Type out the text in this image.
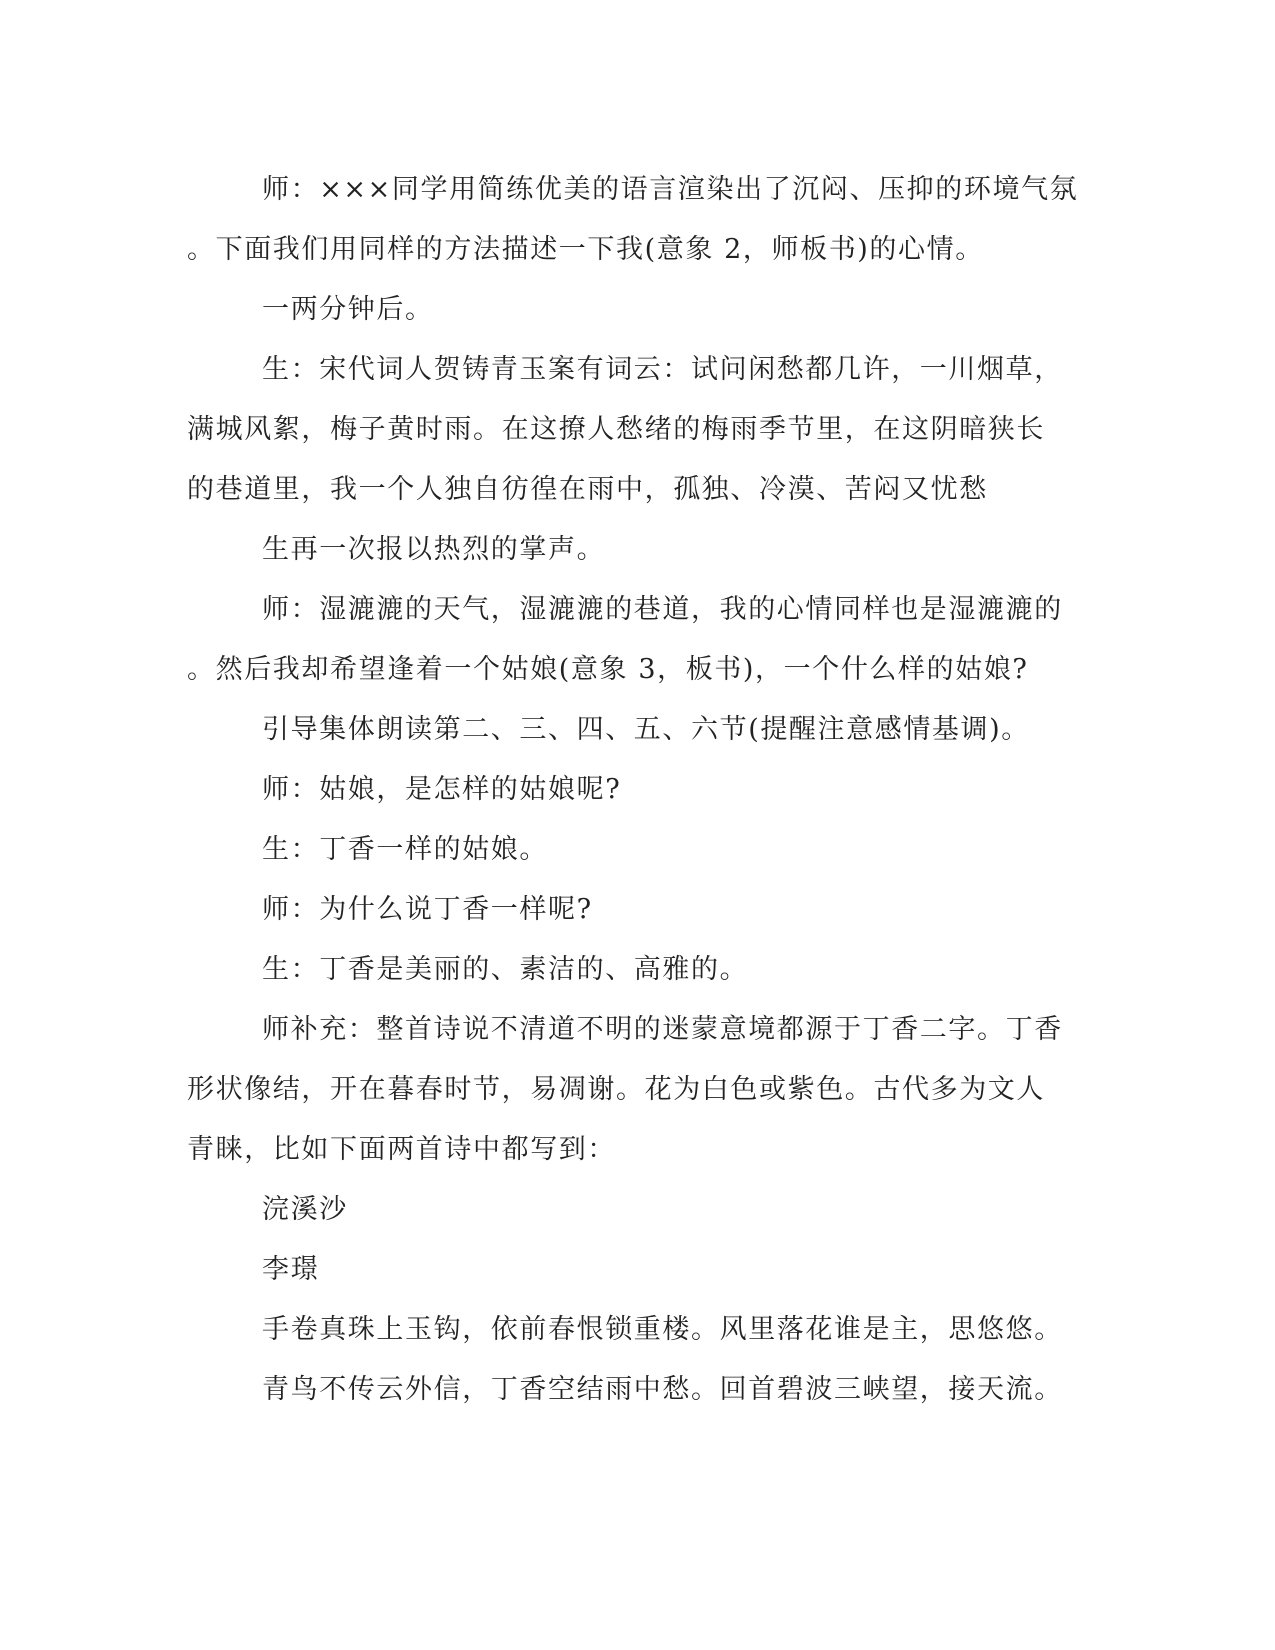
师：×××同学用简练优美的语言渲染出了沉闷、压抑的环境气氛
。下面我们用同样的方法描述一下我(意象 2，师板书)的心情。
一两分钟后。
生：宋代词人贺铸青玉案有词云：试问闲愁都几许，一川烟草，
满城风絮，梅子黄时雨。在这撩人愁绪的梅雨季节里，在这阴暗狭长
的巷道里，我一个人独自彷徨在雨中，孤独、冷漠、苦闷又忧愁
生再一次报以热烈的掌声。
师：湿漉漉的天气，湿漉漉的巷道，我的心情同样也是湿漉漉的
。然后我却希望逢着一个姑娘(意象 3，板书)，一个什么样的姑娘?
引导集体朗读第二、三、四、五、六节(提醒注意感情基调)。
师：姑娘，是怎样的姑娘呢?
生：丁香一样的姑娘。
师：为什么说丁香一样呢?
生：丁香是美丽的、素洁的、高雅的。
师补充：整首诗说不清道不明的迷蒙意境都源于丁香二字。丁香
形状像结，开在暮春时节，易凋谢。花为白色或紫色。古代多为文人
青睐，比如下面两首诗中都写到：
浣溪沙
李璟
手卷真珠上玉钩，依前春恨锁重楼。风里落花谁是主，思悠悠。
青鸟不传云外信，丁香空结雨中愁。回首碧波三峡望，接天流。
